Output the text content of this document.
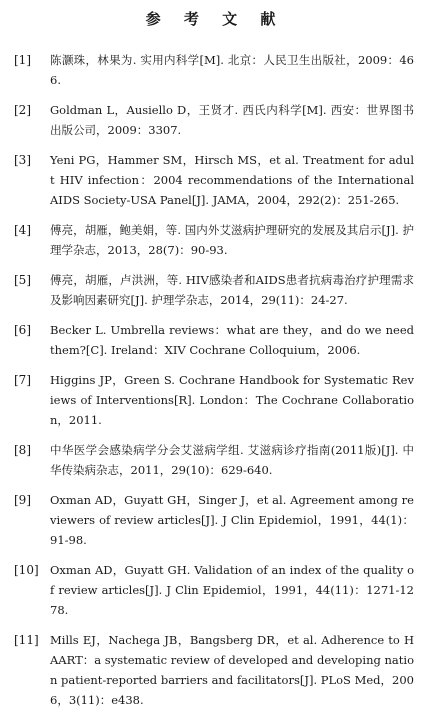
参 考 文 献
[1] 陈灏珠，林果为. 实用内科学[M]. 北京：人民卫生出版社，2009：466.
[2] Goldman L，Ausiello D，王贤才. 西氏内科学[M]. 西安：世界图书出版公司，2009：3307.
[3] Yeni PG，Hammer SM，Hirsch MS，et al. Treatment for adult HIV infection：2004 recommendations of the International AIDS Society-USA Panel[J]. JAMA，2004，292(2)：251-265.
[4] 傅亮，胡雁，鲍美娟，等. 国内外艾滋病护理研究的发展及其启示[J]. 护理学杂志，2013，28(7)：90-93.
[5] 傅亮，胡雁，卢洪洲，等. HIV感染者和AIDS患者抗病毒治疗护理需求及影响因素研究[J]. 护理学杂志，2014，29(11)：24-27.
[6] Becker L. Umbrella reviews：what are they，and do we need them?[C]. Ireland：XIV Cochrane Colloquium，2006.
[7] Higgins JP，Green S. Cochrane Handbook for Systematic Reviews of Interventions[R]. London：The Cochrane Collaboration，2011.
[8] 中华医学会感染病学分会艾滋病学组. 艾滋病诊疗指南(2011版)[J]. 中华传染病杂志，2011，29(10)：629-640.
[9] Oxman AD，Guyatt GH，Singer J，et al. Agreement among reviewers of review articles[J]. J Clin Epidemiol，1991，44(1)：91-98.
[10] Oxman AD，Guyatt GH. Validation of an index of the quality of review articles[J]. J Clin Epidemiol，1991，44(11)：1271-1278.
[11] Mills EJ，Nachega JB，Bangsberg DR，et al. Adherence to HAART：a systematic review of developed and developing nation patient-reported barriers and facilitators[J]. PLoS Med，2006，3(11)：e438.
